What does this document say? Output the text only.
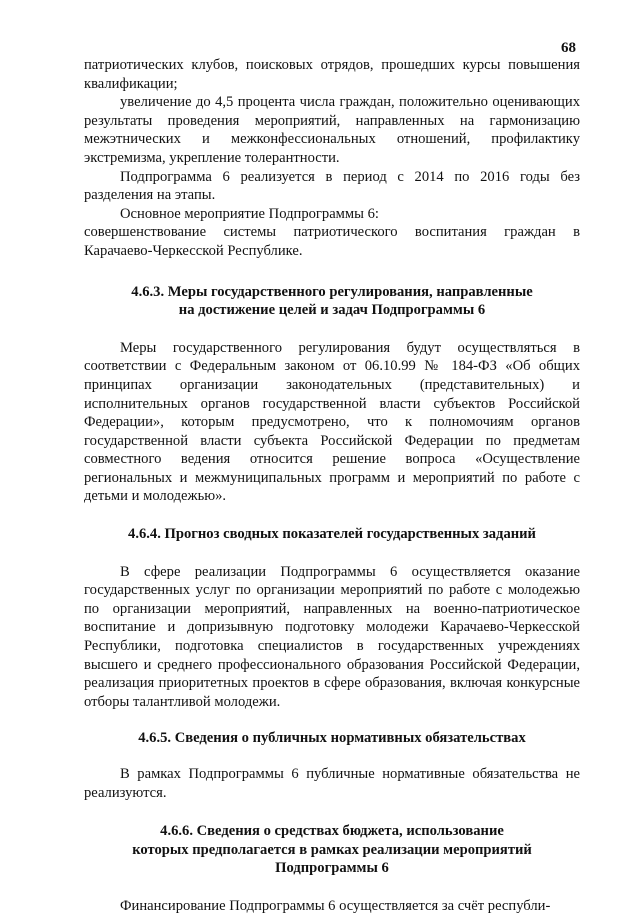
68

патриотических клубов, поисковых отрядов, прошедших курсы повышения квалификации;

увеличение до 4,5 процента числа граждан, положительно оценивающих результаты проведения мероприятий, направленных на гармонизацию межэтнических и межконфессиональных отношений, профилактику экстремизма, укрепление толерантности.

Подпрограмма 6 реализуется в период с 2014 по 2016 годы без разделения на этапы.

Основное мероприятие Подпрограммы 6:

совершенствование системы патриотического воспитания граждан в Карачаево-Черкесской Республике.

4.6.3. Меры государственного регулирования, направленные
на достижение целей и задач Подпрограммы 6

Меры государственного регулирования будут осуществляться в соответствии с Федеральным законом от 06.10.99 № 184-ФЗ «Об общих принципах организации законодательных (представительных) и исполнительных органов государственной власти субъектов Российской Федерации», которым предусмотрено, что к полномочиям органов государственной власти субъекта Российской Федерации по предметам совместного ведения относится решение вопроса «Осуществление региональных и межмуниципальных программ и мероприятий по работе с детьми и молодежью».

4.6.4. Прогноз сводных показателей государственных заданий

В сфере реализации Подпрограммы 6 осуществляется оказание государственных услуг по организации мероприятий по работе с молодежью по организации мероприятий, направленных на военно-патриотическое воспитание и допризывную подготовку молодежи Карачаево-Черкесской Республики, подготовка специалистов в государственных учреждениях высшего и среднего профессионального образования Российской Федерации, реализация приоритетных проектов в сфере образования, включая конкурсные отборы талантливой молодежи.

4.6.5. Сведения о публичных нормативных обязательствах

В рамках Подпрограммы 6 публичные нормативные обязательства не реализуются.

4.6.6. Сведения о средствах бюджета, использование
которых предполагается в рамках реализации мероприятий
Подпрограммы 6

Финансирование Подпрограммы 6 осуществляется за счёт республи-
